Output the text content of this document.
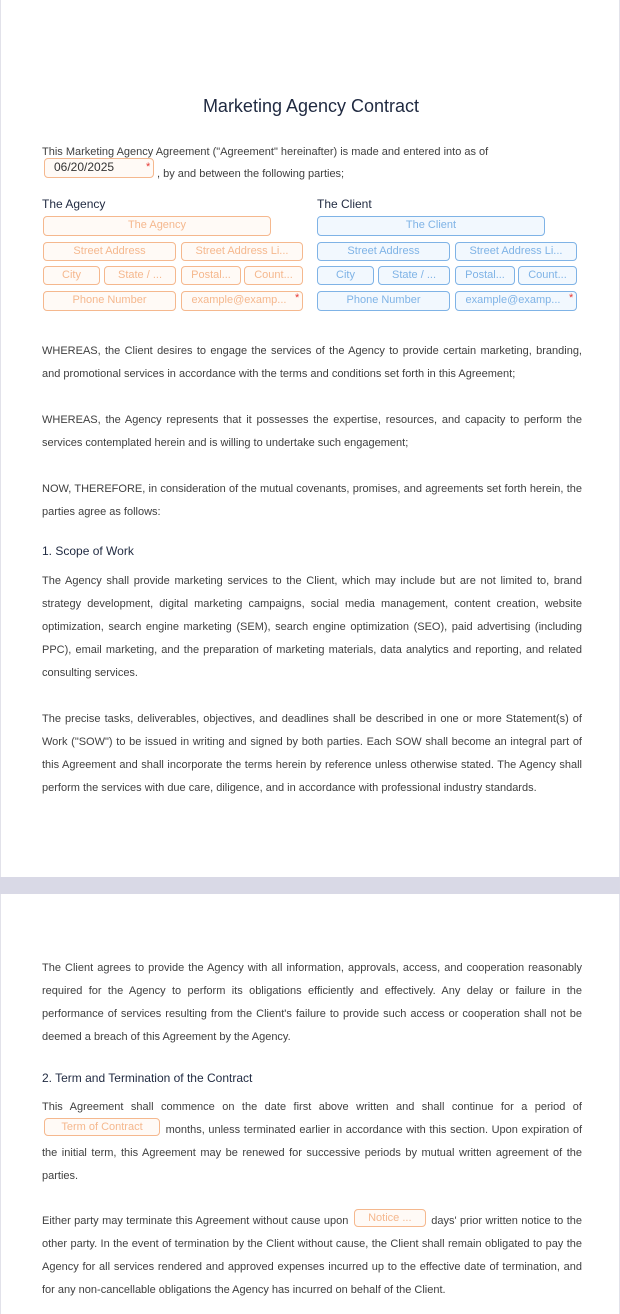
Marketing Agency Contract
This Marketing Agency Agreement ("Agreement" hereinafter) is made and entered into as of
06/20/2025	*
, by and between the following parties;
The Agency
The Agency
Street Address	Street Address Li...
City	State / ...	Postal...	Count...
Phone Number	example@examp... *
The Client
The Client
Street Address	Street Address Li...
City	State / ...	Postal...	Count...
Phone Number	example@examp... *
WHEREAS, the Client desires to engage the services of the Agency to provide certain marketing, branding, and promotional services in accordance with the terms and conditions set forth in this Agreement;
WHEREAS, the Agency represents that it possesses the expertise, resources, and capacity to perform the services contemplated herein and is willing to undertake such engagement;
NOW, THEREFORE, in consideration of the mutual covenants, promises, and agreements set forth herein, the parties agree as follows:
1. Scope of Work
The Agency shall provide marketing services to the Client, which may include but are not limited to, brand strategy development, digital marketing campaigns, social media management, content creation, website optimization, search engine marketing (SEM), search engine optimization (SEO), paid advertising (including PPC), email marketing, and the preparation of marketing materials, data analytics and reporting, and related consulting services.
The precise tasks, deliverables, objectives, and deadlines shall be described in one or more Statement(s) of Work ("SOW") to be issued in writing and signed by both parties. Each SOW shall become an integral part of this Agreement and shall incorporate the terms herein by reference unless otherwise stated. The Agency shall perform the services with due care, diligence, and in accordance with professional industry standards.
The Client agrees to provide the Agency with all information, approvals, access, and cooperation reasonably required for the Agency to perform its obligations efficiently and effectively. Any delay or failure in the performance of services resulting from the Client's failure to provide such access or cooperation shall not be deemed a breach of this Agreement by the Agency.
2. Term and Termination of the Contract
This Agreement shall commence on the date first above written and shall continue for a period of Term of Contract months, unless terminated earlier in accordance with this section. Upon expiration of the initial term, this Agreement may be renewed for successive periods by mutual written agreement of the parties.
Either party may terminate this Agreement without cause upon Notice ... days' prior written notice to the other party. In the event of termination by the Client without cause, the Client shall remain obligated to pay the Agency for all services rendered and approved expenses incurred up to the effective date of termination, and for any non-cancellable obligations the Agency has incurred on behalf of the Client.
